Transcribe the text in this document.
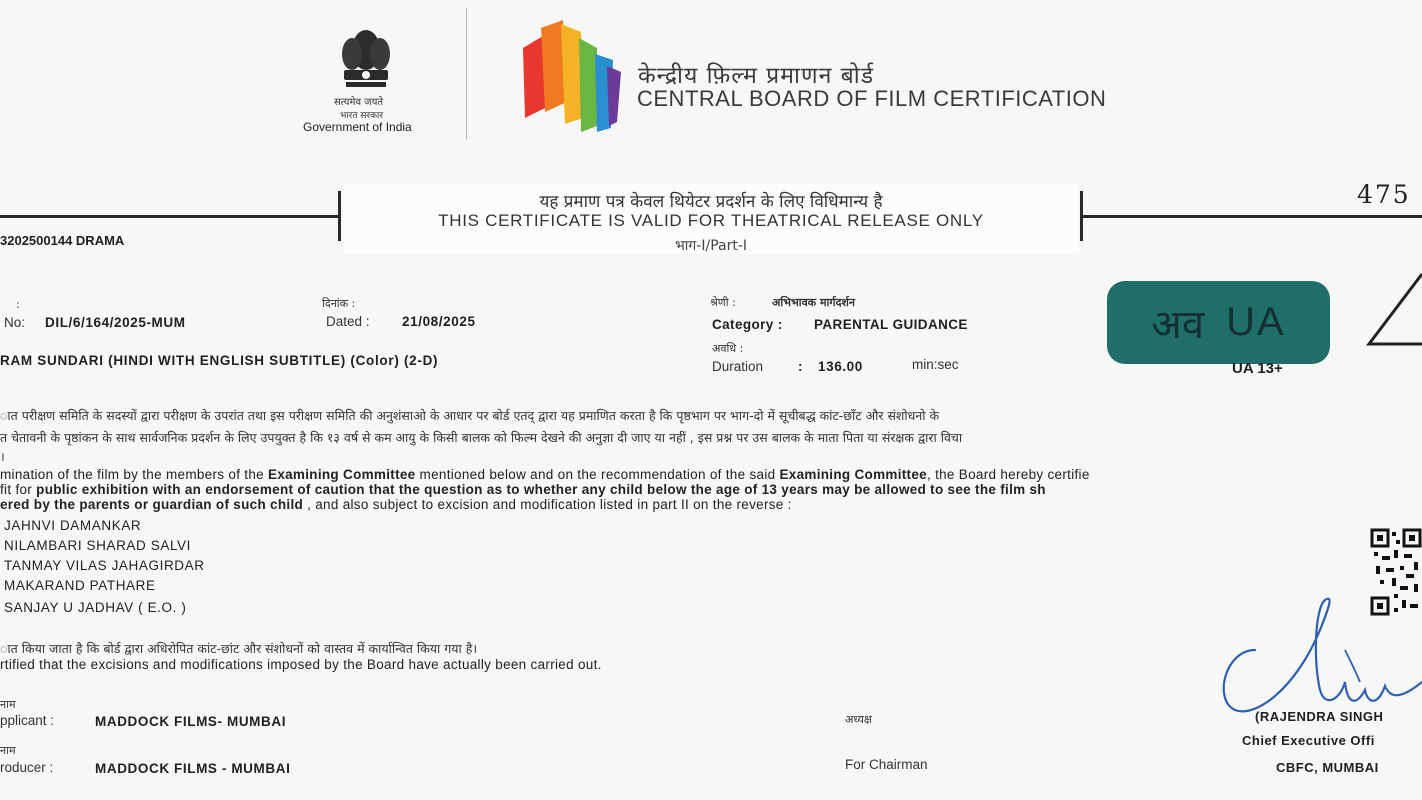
सत्यमेव जयते
भारत सरकार
Government of India
केन्द्रीय फ़िल्म प्रमाणन बोर्ड
CENTRAL BOARD OF FILM CERTIFICATION
475
यह प्रमाण पत्र केवल थियेटर प्रदर्शन के लिए विधिमान्य है
THIS CERTIFICATE IS VALID FOR THEATRICAL RELEASE ONLY
भाग-I/Part-I
3202500144 DRAMA
:
No: DIL/6/164/2025-MUM
दिनांक :
Dated : 21/08/2025
श्रेणी :	अभिभावक मार्गदर्शन
Category : PARENTAL GUIDANCE
अवधि :
Duration	: 136.00	min:sec
RAM SUNDARI (HINDI WITH ENGLISH SUBTITLE) (Color) (2-D)
अव UA
UA 13+
ात परीक्षण समिति के सदस्यों द्वारा परीक्षण के उपरांत तथा इस परीक्षण समिति की अनुशंसाओ के आधार पर बोर्ड एतद् द्वारा यह प्रमाणित करता है कि पृष्ठभाग पर भाग-दो में सूचीबद्ध कांट-छाँट और संशोधनो के
त चेतावनी के पृष्ठांकन के साथ सार्वजनिक प्रदर्शन के लिए उपयुक्त है कि १३ वर्ष से कम आयु के किसी बालक को फिल्म देखने की अनुज्ञा दी जाए या नहीं , इस प्रश्न पर उस बालक के माता पिता या संरक्षक द्वारा विचा
।
mination of the film by the members of the Examining Committee mentioned below and on the recommendation of the said Examining Committee, the Board hereby certifie
fit for public exhibition with an endorsement of caution that the question as to whether any child below the age of 13 years may be allowed to see the film sh
ered by the parents or guardian of such child , and also subject to excision and modification listed in part II on the reverse :
JAHNVI DAMANKAR
NILAMBARI SHARAD SALVI
TANMAY VILAS JAHAGIRDAR
MAKARAND PATHARE
SANJAY U JADHAV ( E.O. )
ात किया जाता है कि बोर्ड द्वारा अधिरोपित कांट-छांट और संशोधनों को वास्तव में कार्यान्वित किया गया है।
rtified that the excisions and modifications imposed by the Board have actually been carried out.
नाम
pplicant :	MADDOCK FILMS- MUMBAI
नाम
roducer :	MADDOCK FILMS - MUMBAI
अध्यक्ष
For Chairman
(RAJENDRA SINGH
Chief Executive Offi
CBFC, MUMBAI
